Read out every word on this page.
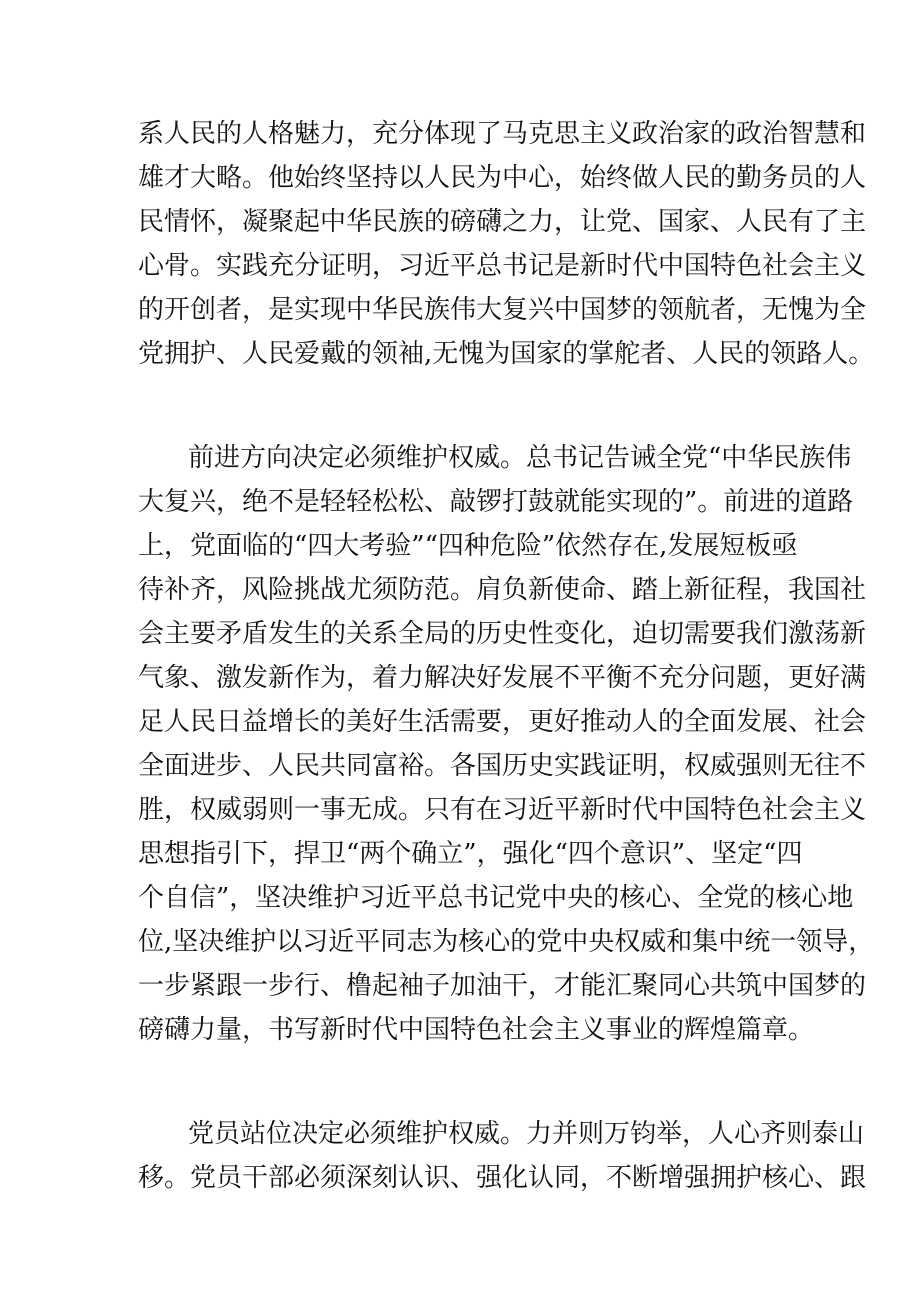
系人民的人格魅力，充分体现了马克思主义政治家的政治智慧和
雄才大略。他始终坚持以人民为中心，始终做人民的勤务员的人
民情怀，凝聚起中华民族的磅礴之力，让党、国家、人民有了主
心骨。实践充分证明，习近平总书记是新时代中国特色社会主义
的开创者，是实现中华民族伟大复兴中国梦的领航者，无愧为全
党拥护、人民爱戴的领袖,无愧为国家的掌舵者、人民的领路人。
前进方向决定必须维护权威。总书记告诫全党“中华民族伟
大复兴，绝不是轻轻松松、敲锣打鼓就能实现的”。前进的道路
上，党面临的“四大考验”“四种危险”依然存在,发展短板亟
待补齐，风险挑战尤须防范。肩负新使命、踏上新征程，我国社
会主要矛盾发生的关系全局的历史性变化，迫切需要我们激荡新
气象、激发新作为，着力解决好发展不平衡不充分问题，更好满
足人民日益增长的美好生活需要，更好推动人的全面发展、社会
全面进步、人民共同富裕。各国历史实践证明，权威强则无往不
胜，权威弱则一事无成。只有在习近平新时代中国特色社会主义
思想指引下，捍卫“两个确立”，强化“四个意识”、坚定“四
个自信”，坚决维护习近平总书记党中央的核心、全党的核心地
位,坚决维护以习近平同志为核心的党中央权威和集中统一领导，
一步紧跟一步行、橹起袖子加油干，才能汇聚同心共筑中国梦的
磅礴力量，书写新时代中国特色社会主义事业的辉煌篇章。
党员站位决定必须维护权威。力并则万钧举，人心齐则泰山
移。党员干部必须深刻认识、强化认同，不断增强拥护核心、跟
